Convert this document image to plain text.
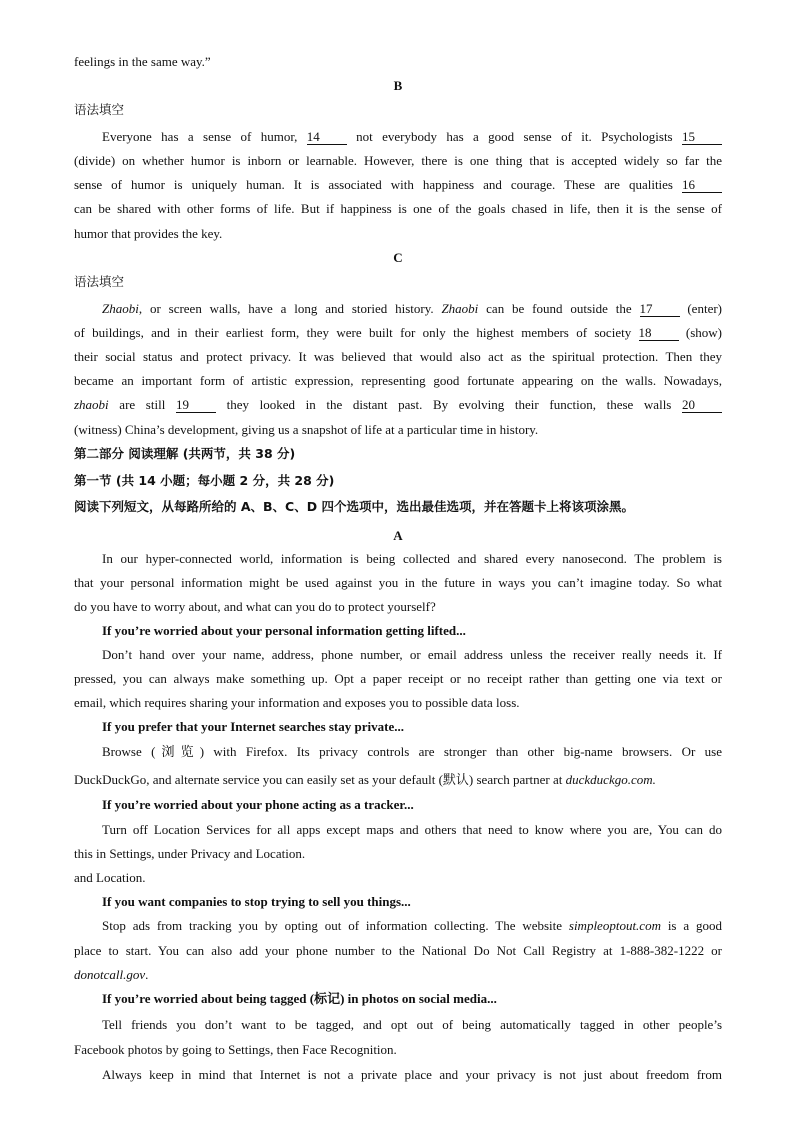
feelings in the same way.”
B
语法填空
Everyone has a sense of humor, 14 not everybody has a good sense of it. Psychologists 15
(divide) on whether humor is inborn or learnable. However, there is one thing that is accepted widely so far the
sense of humor is uniquely human. It is associated with happiness and courage. These are qualities 16
can be shared with other forms of life. But if happiness is one of the goals chased in life, then it is the sense of
humor that provides the key.
C
语法填空
Zhaobi, or screen walls, have a long and storied history. Zhaobi can be found outside the 17 (enter)
of buildings, and in their earliest form, they were built for only the highest members of society 18 (show)
their social status and protect privacy. It was believed that would also act as the spiritual protection. Then they
became an important form of artistic expression, representing good fortunate appearing on the walls. Nowadays,
zhaobi are still 19 they looked in the distant past. By evolving their function, these walls 20
(witness) China’s development, giving us a snapshot of life at a particular time in history.
第二部分 阅读理解 (共两节，共 38 分)
第一节 (共 14 小题；每小题 2 分，共 28 分)
阅读下列短文，从每路所给的 A、B、C、D 四个选项中，选出最佳选项，并在答题卡上将该项涂黑。
A
In our hyper-connected world, information is being collected and shared every nanosecond. The problem is
that your personal information might be used against you in the future in ways you can’t imagine today. So what
do you have to worry about, and what can you do to protect yourself?
If you’re worried about your personal information getting lifted...
Don’t hand over your name, address, phone number, or email address unless the receiver really needs it. If
pressed, you can always make something up. Opt a paper receipt or no receipt rather than getting one via text or
email, which requires sharing your information and exposes you to possible data loss.
If you prefer that your Internet searches stay private...
Browse (浏览) with Firefox. Its privacy controls are stronger than other big-name browsers. Or use
DuckDuckGo, and alternate service you can easily set as your default (默认) search partner at duckduckgo.com.
If you’re worried about your phone acting as a tracker...
Turn off Location Services for all apps except maps and others that need to know where you are, You can do
this in Settings, under Privacy and Location.
and Location.
If you want companies to stop trying to sell you things...
Stop ads from tracking you by opting out of information collecting. The website simpleoptout.com is a good
place to start. You can also add your phone number to the National Do Not Call Registry at 1-888-382-1222 or
donotcall.gov.
If you’re worried about being tagged (标记) in photos on social media...
Tell friends you don’t want to be tagged, and opt out of being automatically tagged in other people’s
Facebook photos by going to Settings, then Face Recognition.
Always keep in mind that Internet is not a private place and your privacy is not just about freedom from
